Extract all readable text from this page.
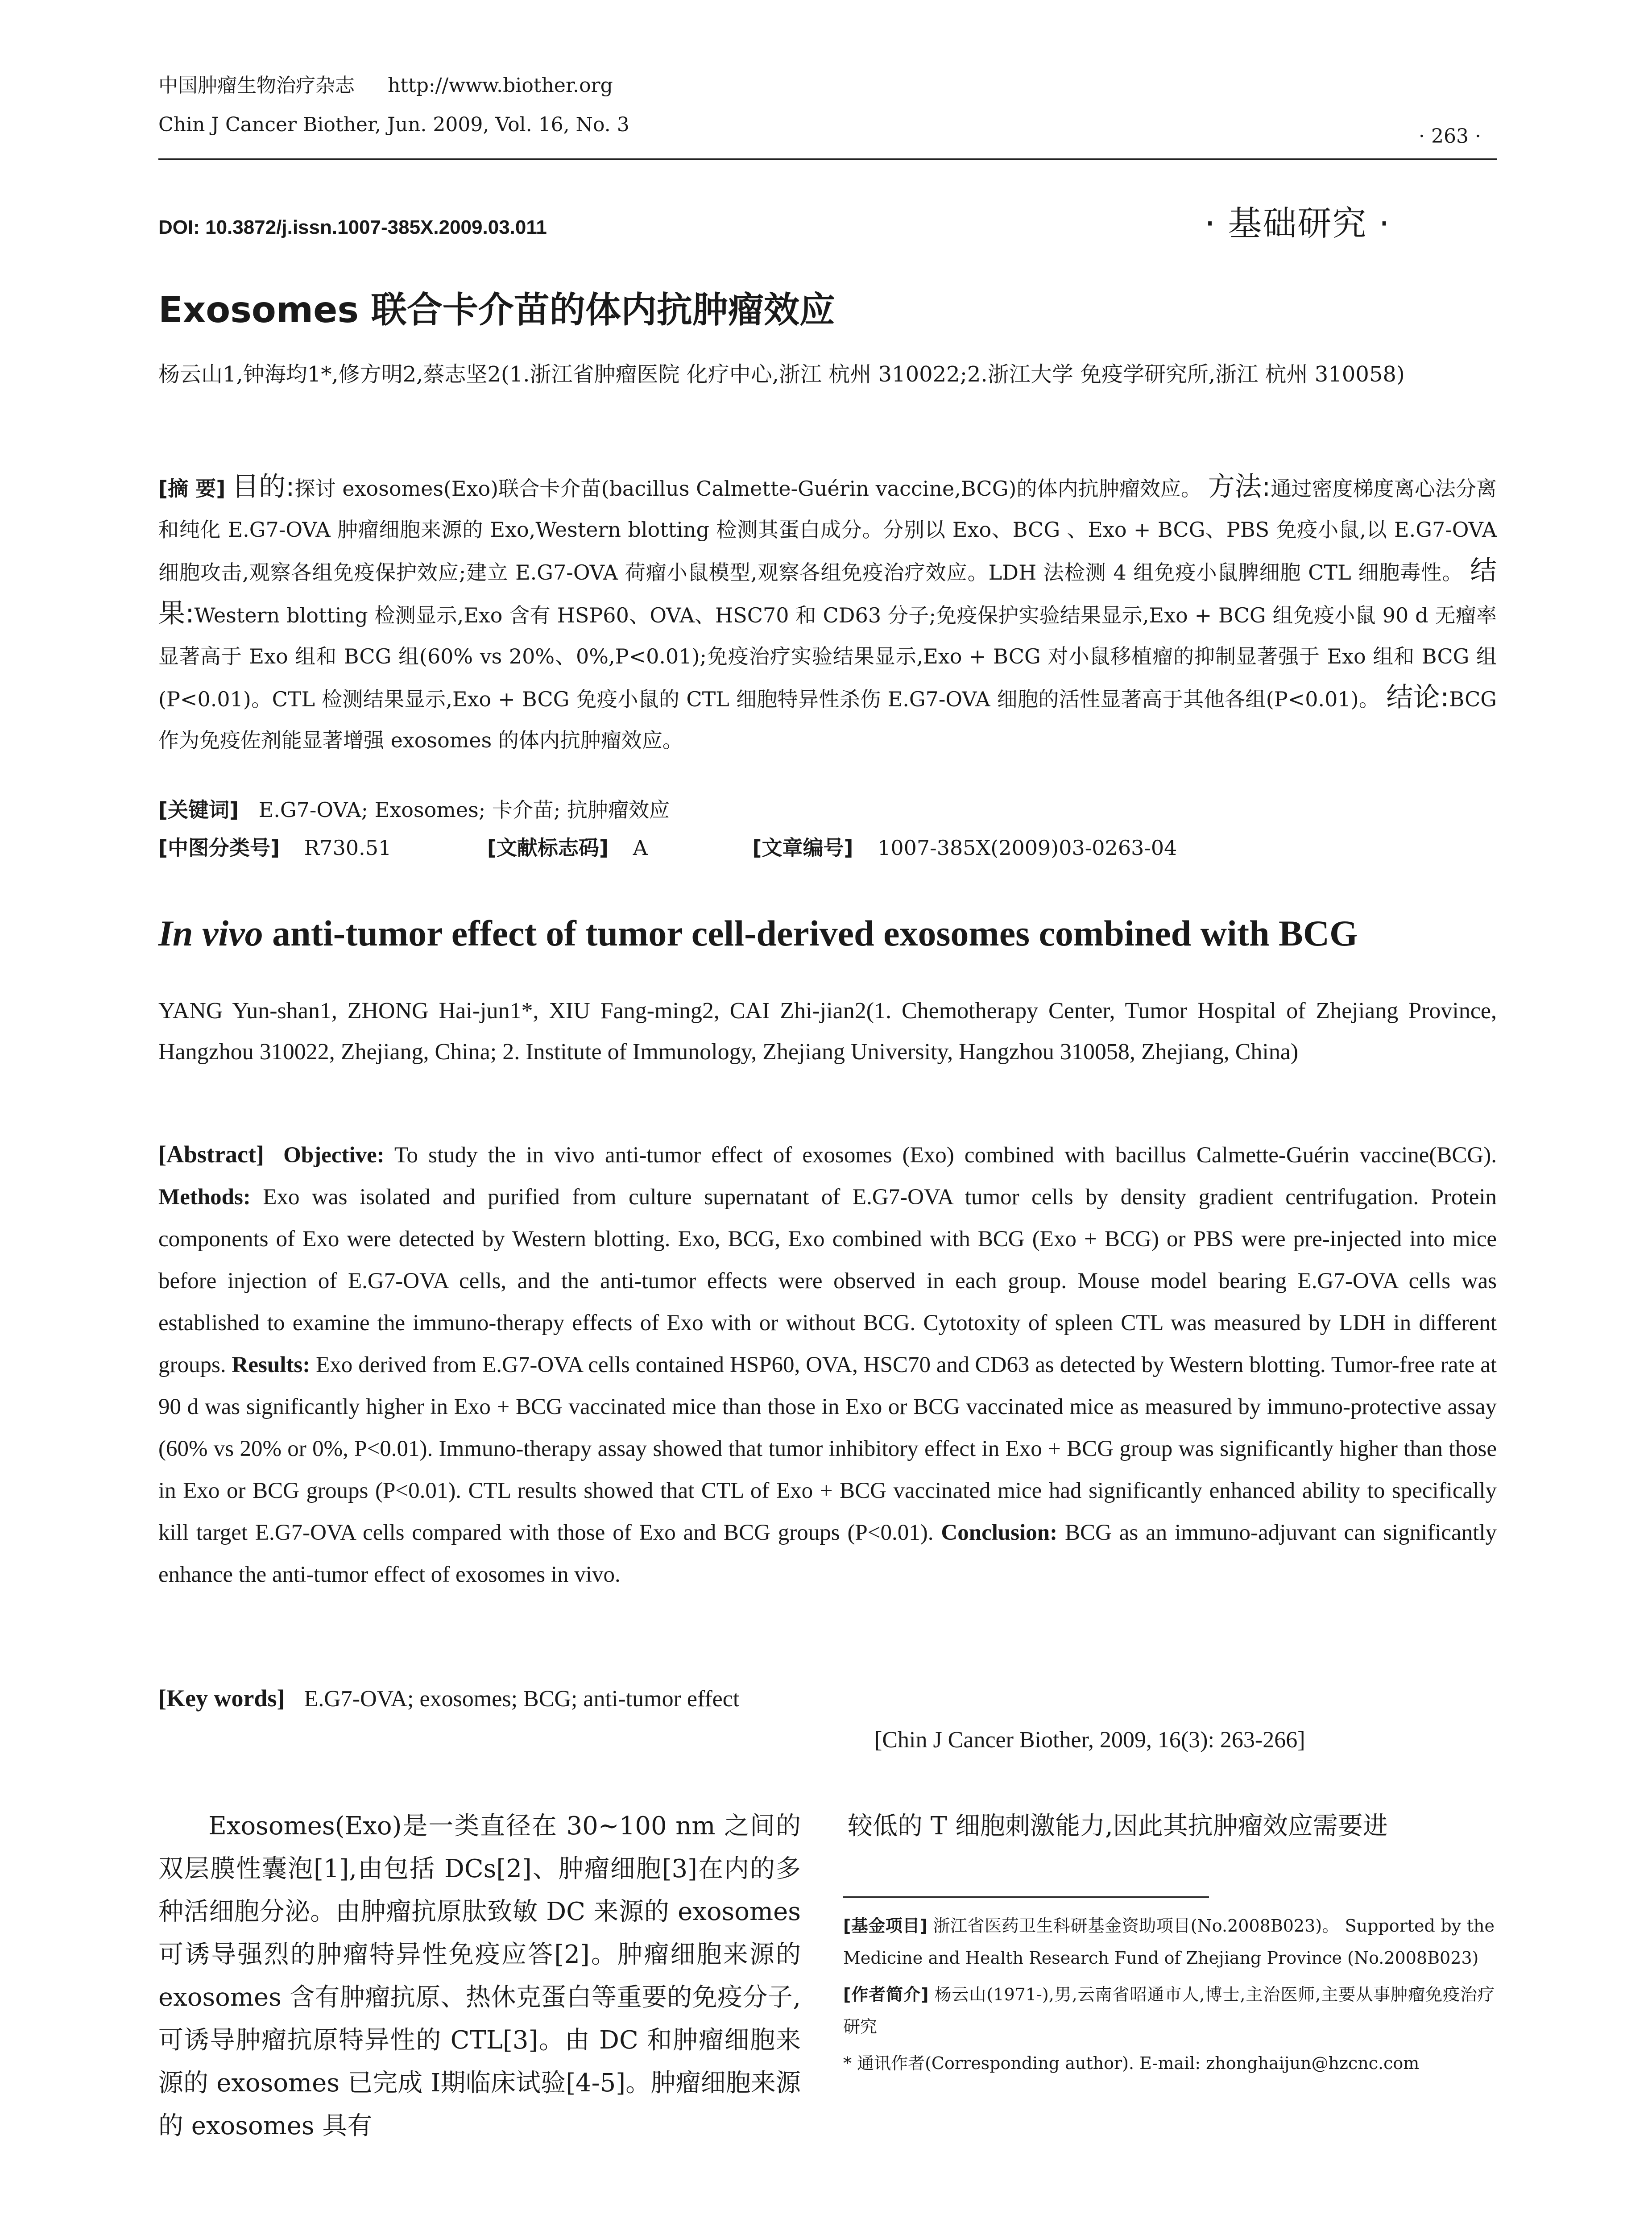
中国肿瘤生物治疗杂志 http://www.biother.org
Chin J Cancer Biother, Jun. 2009, Vol. 16, No. 3
· 263 ·
DOI: 10.3872/j.issn.1007-385X.2009.03.011	· 基础研究 ·
Exosomes 联合卡介苗的体内抗肿瘤效应
杨云山1,钟海均1*,修方明2,蔡志坚2(1.浙江省肿瘤医院 化疗中心,浙江 杭州 310022;2.浙江大学 免疫学研究所,浙江 杭州 310058)
[摘 要] 目的:探讨 exosomes(Exo)联合卡介苗(bacillus Calmette-Guérin vaccine,BCG)的体内抗肿瘤效应。 方法:通过密度梯度离心法分离和纯化 E.G7-OVA 肿瘤细胞来源的 Exo,Western blotting 检测其蛋白成分。分别以 Exo、BCG 、Exo + BCG、PBS 免疫小鼠,以 E.G7-OVA 细胞攻击,观察各组免疫保护效应;建立 E.G7-OVA 荷瘤小鼠模型,观察各组免疫治疗效应。LDH 法检测 4 组免疫小鼠脾细胞 CTL 细胞毒性。 结果:Western blotting 检测显示,Exo 含有 HSP60、OVA、HSC70 和 CD63 分子;免疫保护实验结果显示,Exo + BCG 组免疫小鼠 90 d 无瘤率显著高于 Exo 组和 BCG 组(60% vs 20%、0%,P<0.01);免疫治疗实验结果显示,Exo + BCG 对小鼠移植瘤的抑制显著强于 Exo 组和 BCG 组(P<0.01)。CTL 检测结果显示,Exo + BCG 免疫小鼠的 CTL 细胞特异性杀伤 E.G7-OVA 细胞的活性显著高于其他各组(P<0.01)。 结论:BCG 作为免疫佐剂能显著增强 exosomes 的体内抗肿瘤效应。
[关键词] E.G7-OVA; Exosomes; 卡介苗; 抗肿瘤效应
[中图分类号] R730.51	[文献标志码] A	[文章编号] 1007-385X(2009)03-0263-04
In vivo anti-tumor effect of tumor cell-derived exosomes combined with BCG
YANG Yun-shan1, ZHONG Hai-jun1*, XIU Fang-ming2, CAI Zhi-jian2(1. Chemotherapy Center, Tumor Hospital of Zhejiang Province, Hangzhou 310022, Zhejiang, China; 2. Institute of Immunology, Zhejiang University, Hangzhou 310058, Zhejiang, China)
[Abstract] Objective: To study the in vivo anti-tumor effect of exosomes (Exo) combined with bacillus Calmette-Guérin vaccine(BCG). Methods: Exo was isolated and purified from culture supernatant of E.G7-OVA tumor cells by density gradient centrifugation. Protein components of Exo were detected by Western blotting. Exo, BCG, Exo combined with BCG (Exo + BCG) or PBS were pre-injected into mice before injection of E.G7-OVA cells, and the anti-tumor effects were observed in each group. Mouse model bearing E.G7-OVA cells was established to examine the immuno-therapy effects of Exo with or without BCG. Cytotoxity of spleen CTL was measured by LDH in different groups. Results: Exo derived from E.G7-OVA cells contained HSP60, OVA, HSC70 and CD63 as detected by Western blotting. Tumor-free rate at 90 d was significantly higher in Exo + BCG vaccinated mice than those in Exo or BCG vaccinated mice as measured by immuno-protective assay (60% vs 20% or 0%, P<0.01). Immuno-therapy assay showed that tumor inhibitory effect in Exo + BCG group was significantly higher than those in Exo or BCG groups (P<0.01). CTL results showed that CTL of Exo + BCG vaccinated mice had significantly enhanced ability to specifically kill target E.G7-OVA cells compared with those of Exo and BCG groups (P<0.01). Conclusion: BCG as an immuno-adjuvant can significantly enhance the anti-tumor effect of exosomes in vivo.
[Key words] E.G7-OVA; exosomes; BCG; anti-tumor effect
[Chin J Cancer Biother, 2009, 16(3): 263-266]
Exosomes(Exo)是一类直径在 30~100 nm 之间的双层膜性囊泡[1],由包括 DCs[2]、肿瘤细胞[3]在内的多种活细胞分泌。由肿瘤抗原肽致敏 DC 来源的 exosomes 可诱导强烈的肿瘤特异性免疫应答[2]。肿瘤细胞来源的 exosomes 含有肿瘤抗原、热休克蛋白等重要的免疫分子,可诱导肿瘤抗原特异性的 CTL[3]。由 DC 和肿瘤细胞来源的 exosomes 已完成 Ⅰ期临床试验[4-5]。肿瘤细胞来源的 exosomes 具有
较低的 T 细胞刺激能力,因此其抗肿瘤效应需要进
[基金项目] 浙江省医药卫生科研基金资助项目(No.2008B023)。 Supported by the Medicine and Health Research Fund of Zhejiang Province (No.2008B023)
[作者简介] 杨云山(1971-),男,云南省昭通市人,博士,主治医师,主要从事肿瘤免疫治疗研究
* 通讯作者(Corresponding author). E-mail: zhonghaijun@hzcnc.com
